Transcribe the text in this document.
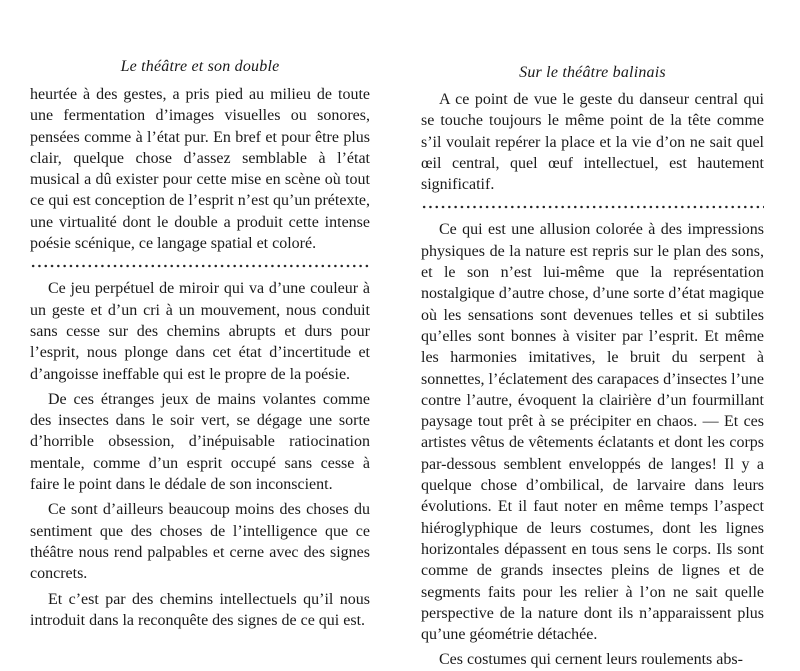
Le théâtre et son double

heurtée à des gestes, a pris pied au milieu de toute une fermentation d’images visuelles ou sonores, pensées comme à l’état pur. En bref et pour être plus clair, quelque chose d’assez semblable à l’état musical a dû exister pour cette mise en scène où tout ce qui est conception de l’esprit n’est qu’un prétexte, une virtualité dont le double a produit cette intense poésie scénique, ce langage spatial et coloré.

Ce jeu perpétuel de miroir qui va d’une couleur à un geste et d’un cri à un mouvement, nous conduit sans cesse sur des chemins abrupts et durs pour l’esprit, nous plonge dans cet état d’incertitude et d’angoisse ineffable qui est le propre de la poésie.

De ces étranges jeux de mains volantes comme des insectes dans le soir vert, se dégage une sorte d’horrible obsession, d’inépuisable ratiocination mentale, comme d’un esprit occupé sans cesse à faire le point dans le dédale de son inconscient.

Ce sont d’ailleurs beaucoup moins des choses du sentiment que des choses de l’intelligence que ce théâtre nous rend palpables et cerne avec des signes concrets.

Et c’est par des chemins intellectuels qu’il nous introduit dans la reconquête des signes de ce qui est.

Sur le théâtre balinais

A ce point de vue le geste du danseur central qui se touche toujours le même point de la tête comme s’il voulait repérer la place et la vie d’on ne sait quel œil central, quel œuf intellectuel, est hautement significatif.

Ce qui est une allusion colorée à des impressions physiques de la nature est repris sur le plan des sons, et le son n’est lui-même que la représentation nostalgique d’autre chose, d’une sorte d’état magique où les sensations sont devenues telles et si subtiles qu’elles sont bonnes à visiter par l’esprit. Et même les harmonies imitatives, le bruit du serpent à sonnettes, l’éclatement des carapaces d’insectes l’une contre l’autre, évoquent la clairière d’un fourmillant paysage tout prêt à se précipiter en chaos. — Et ces artistes vêtus de vêtements éclatants et dont les corps par-dessous semblent enveloppés de langes! Il y a quelque chose d’ombilical, de larvaire dans leurs évolutions. Et il faut noter en même temps l’aspect hiéroglyphique de leurs costumes, dont les lignes horizontales dépassent en tous sens le corps. Ils sont comme de grands insectes pleins de lignes et de segments faits pour les relier à l’on ne sait quelle perspective de la nature dont ils n’apparaissent plus qu’une géométrie détachée.

Ces costumes qui cernent leurs roulements abs-
